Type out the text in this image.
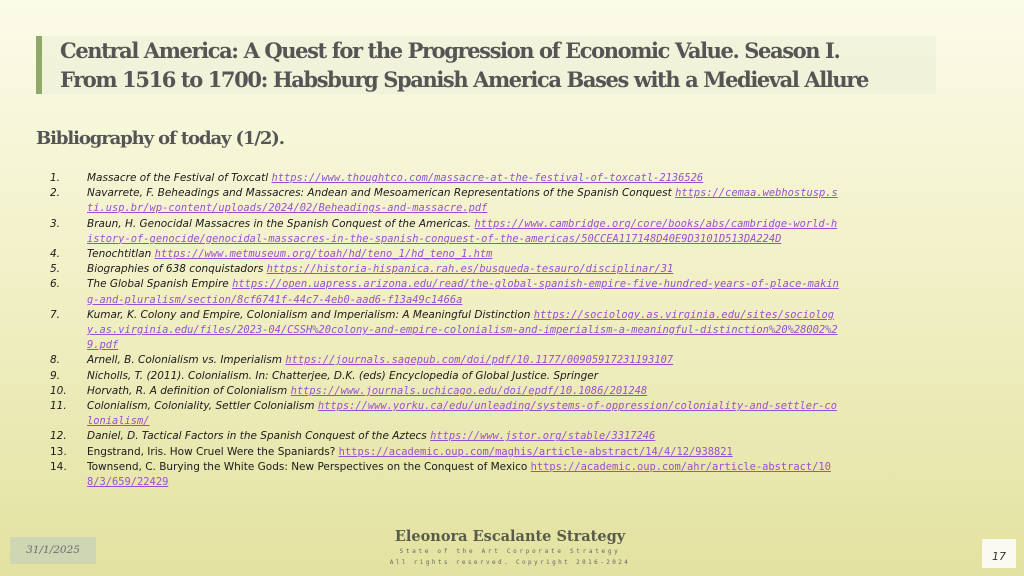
Central America: A Quest for the Progression of Economic Value. Season I.
From 1516 to 1700: Habsburg Spanish America Bases with a Medieval Allure
Bibliography of today (1/2).
1.	Massacre of the Festival of Toxcatl https://www.thoughtco.com/massacre-at-the-festival-of-toxcatl-2136526
2.	Navarrete, F. Beheadings and Massacres: Andean and Mesoamerican Representations of the Spanish Conquest https://cemaa.webhostusp.sti.usp.br/wp-content/uploads/2024/02/Beheadings-and-massacre.pdf
3.	Braun, H. Genocidal Massacres in the Spanish Conquest of the Americas. https://www.cambridge.org/core/books/abs/cambridge-world-history-of-genocide/genocidal-massacres-in-the-spanish-conquest-of-the-americas/50CCEA117148D40E9D3101D513DA224D
4.	Tenochtitlan https://www.metmuseum.org/toah/hd/teno_1/hd_teno_1.htm
5.	Biographies of 638 conquistadors https://historia-hispanica.rah.es/busqueda-tesauro/disciplinar/31
6.	The Global Spanish Empire https://open.uapress.arizona.edu/read/the-global-spanish-empire-five-hundred-years-of-place-making-and-pluralism/section/8cf6741f-44c7-4eb0-aad6-f13a49c1466a
7.	Kumar, K. Colony and Empire, Colonialism and Imperialism: A Meaningful Distinction https://sociology.as.virginia.edu/sites/sociology.as.virginia.edu/files/2023-04/CSSH%20colony-and-empire-colonialism-and-imperialism-a-meaningful-distinction%20%28002%29.pdf
8.	Arnell, B. Colonialism vs. Imperialism https://journals.sagepub.com/doi/pdf/10.1177/00905917231193107
9.	Nicholls, T. (2011). Colonialism. In: Chatterjee, D.K. (eds) Encyclopedia of Global Justice. Springer
10.	Horvath, R. A definition of Colonialism https://www.journals.uchicago.edu/doi/epdf/10.1086/201248
11.	Colonialism, Coloniality, Settler Colonialism https://www.yorku.ca/edu/unleading/systems-of-oppression/coloniality-and-settler-colonialism/
12.	Daniel, D. Tactical Factors in the Spanish Conquest of the Aztecs https://www.jstor.org/stable/3317246
13.	Engstrand, Iris. How Cruel Were the Spaniards? https://academic.oup.com/maghis/article-abstract/14/4/12/938821
14.	Townsend, C. Burying the White Gods: New Perspectives on the Conquest of Mexico https://academic.oup.com/ahr/article-abstract/108/3/659/22429
31/1/2025
Eleonora Escalante Strategy
State of the Art Corporate Strategy
All rights reserved. Copyright 2016-2024	17
